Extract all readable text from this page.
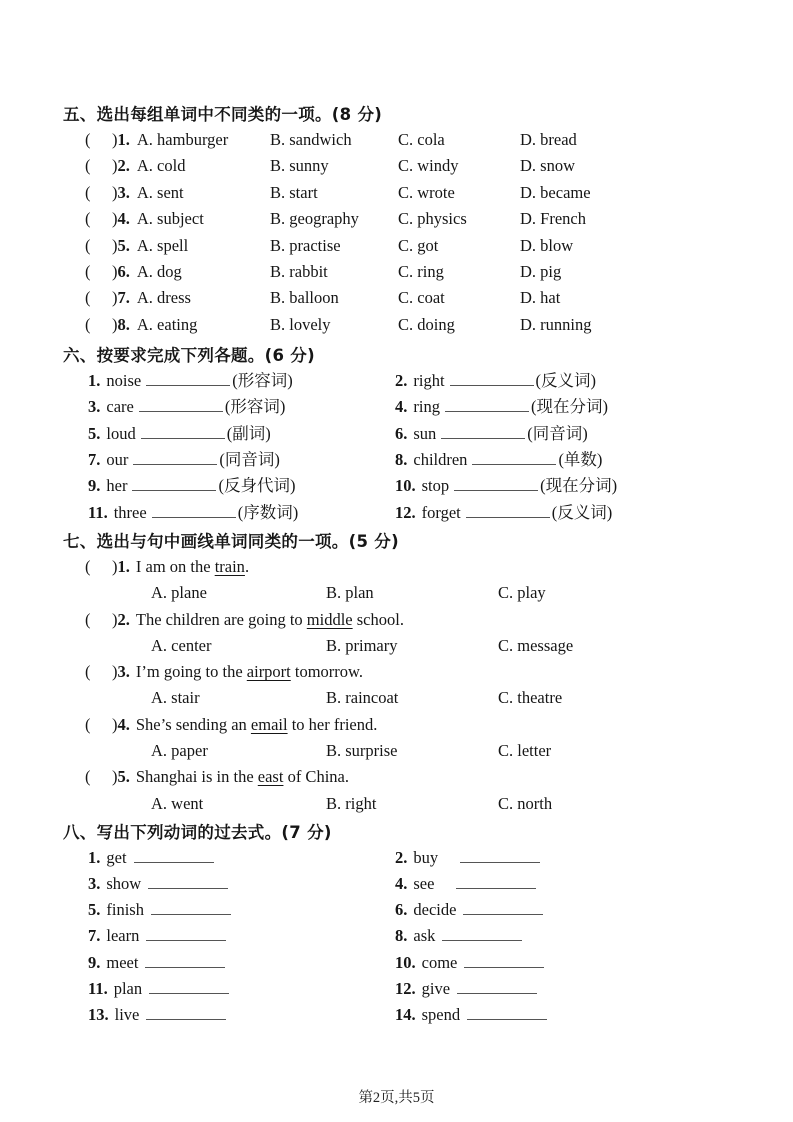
五、选出每组单词中不同类的一项。(8 分)
(	)1. A. hamburger	B. sandwich	C. cola	D. bread
(	)2. A. cold	B. sunny	C. windy	D. snow
(	)3. A. sent	B. start	C. wrote	D. became
(	)4. A. subject	B. geography	C. physics	D. French
(	)5. A. spell	B. practise	C. got	D. blow
(	)6. A. dog	B. rabbit	C. ring	D. pig
(	)7. A. dress	B. balloon	C. coat	D. hat
(	)8. A. eating	B. lovely	C. doing	D. running
六、按要求完成下列各题。(6 分)
1. noise	(形容词)	2. right	(反义词)
3. care	(形容词)	4. ring	(现在分词)
5. loud	(副词)	6. sun	(同音词)
7. our	(同音词)	8. children	(单数)
9. her	(反身代词)	10. stop	(现在分词)
11. three	(序数词)	12. forget	(反义词)
七、选出与句中画线单词同类的一项。(5 分)
(	)1. I am on the train.
A. plane	B. plan	C. play
(	)2. The children are going to middle school.
A. center	B. primary	C. message
(	)3. I’m going to the airport tomorrow.
A. stair	B. raincoat	C. theatre
(	)4. She’s sending an email to her friend.
A. paper	B. surprise	C. letter
(	)5. Shanghai is in the east of China.
A. went	B. right	C. north
八、写出下列动词的过去式。(7 分)
1. get	2. buy
3. show	4. see
5. finish	6. decide
7. learn	8. ask
9. meet	10. come
11. plan	12. give
13. live	14. spend
第2页,共5页
